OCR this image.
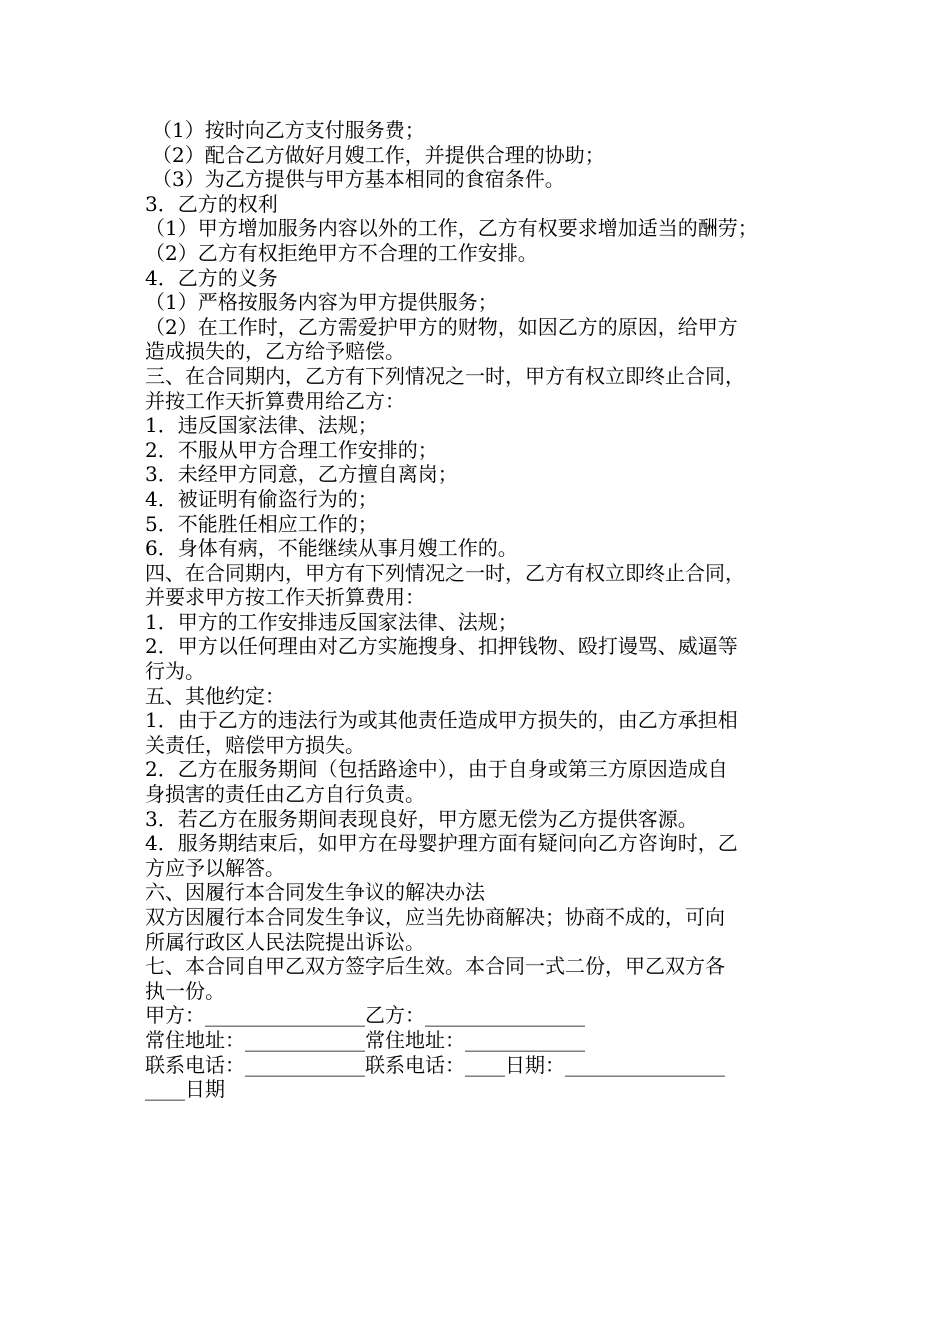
（1）按时向乙方支付服务费；
（2）配合乙方做好月嫂工作，并提供合理的协助；
（3）为乙方提供与甲方基本相同的食宿条件。
3．乙方的权利
（1）甲方增加服务内容以外的工作，乙方有权要求增加适当的酬劳；
（2）乙方有权拒绝甲方不合理的工作安排。
4．乙方的义务
（1）严格按服务内容为甲方提供服务；
（2）在工作时，乙方需爱护甲方的财物，如因乙方的原因，给甲方
造成损失的，乙方给予赔偿。
三、在合同期内，乙方有下列情况之一时，甲方有权立即终止合同，
并按工作天折算费用给乙方：
1．违反国家法律、法规；
2．不服从甲方合理工作安排的；
3．未经甲方同意，乙方擅自离岗；
4．被证明有偷盗行为的；
5．不能胜任相应工作的；
6．身体有病，不能继续从事月嫂工作的。
四、在合同期内，甲方有下列情况之一时，乙方有权立即终止合同，
并要求甲方按工作天折算费用：
1．甲方的工作安排违反国家法律、法规；
2．甲方以任何理由对乙方实施搜身、扣押钱物、殴打谩骂、威逼等
行为。
五、其他约定：
1．由于乙方的违法行为或其他责任造成甲方损失的，由乙方承担相
关责任，赔偿甲方损失。
2．乙方在服务期间（包括路途中），由于自身或第三方原因造成自
身损害的责任由乙方自行负责。
3．若乙方在服务期间表现良好，甲方愿无偿为乙方提供客源。
4．服务期结束后，如甲方在母婴护理方面有疑问向乙方咨询时，乙
方应予以解答。
六、因履行本合同发生争议的解决办法
双方因履行本合同发生争议，应当先协商解决；协商不成的，可向
所属行政区人民法院提出诉讼。
七、本合同自甲乙双方签字后生效。本合同一式二份，甲乙双方各
执一份。
甲方：________________乙方：________________
常住地址：____________常住地址：____________
联系电话：____________联系电话：____日期：________________
____日期
